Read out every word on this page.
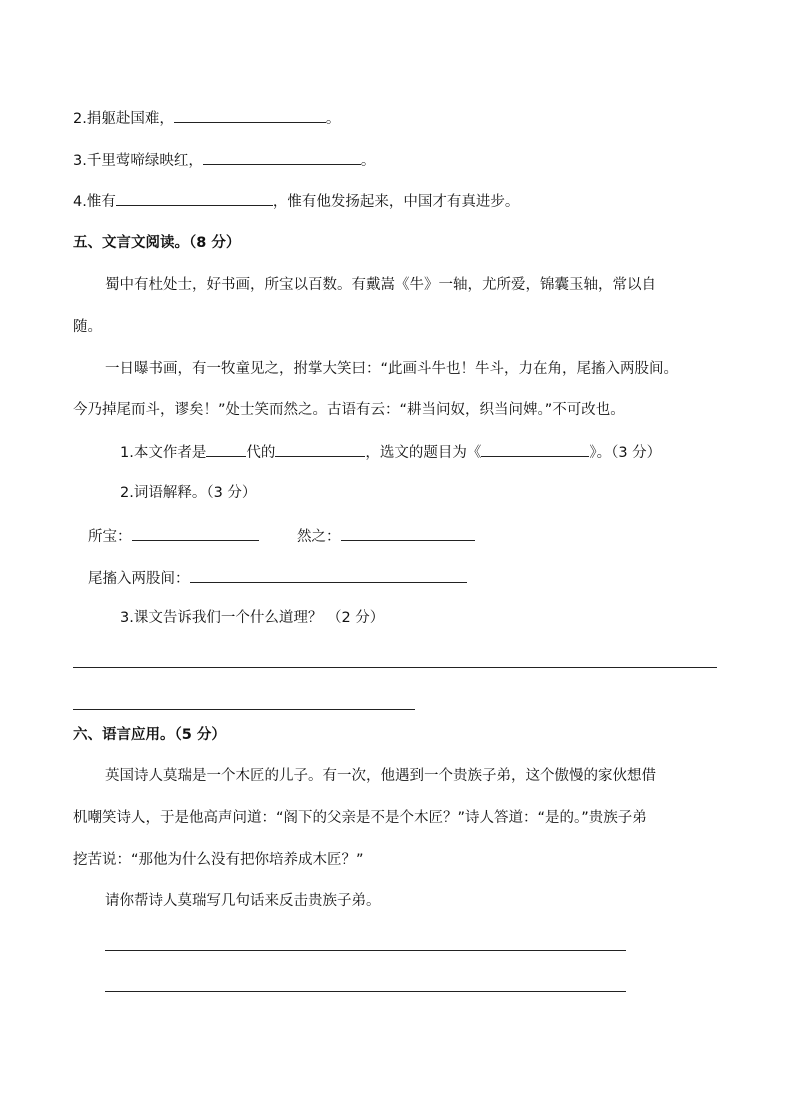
2.捐躯赴国难，	。
3.千里莺啼绿映红，	。
4.惟有	，惟有他发扬起来，中国才有真进步。
五、文言文阅读。（8 分）
蜀中有杜处士，好书画，所宝以百数。有戴嵩《牛》一轴，尤所爱，锦囊玉轴，常以自
随。
一日曝书画，有一牧童见之，拊掌大笑曰：“此画斗牛也！牛斗，力在角，尾搐入两股间。
今乃掉尾而斗，谬矣！”处士笑而然之。古语有云：“耕当问奴，织当问婢。”不可改也。
1.本文作者是	代的	，选文的题目为《	》。（3 分）
2.词语解释。（3 分）
所宝：	然之：
尾搐入两股间：
3.课文告诉我们一个什么道理？ （2 分）
六、语言应用。（5 分）
英国诗人莫瑞是一个木匠的儿子。有一次，他遇到一个贵族子弟，这个傲慢的家伙想借
机嘲笑诗人，于是他高声问道：“阁下的父亲是不是个木匠？”诗人答道：“是的。”贵族子弟
挖苦说：“那他为什么没有把你培养成木匠？”
请你帮诗人莫瑞写几句话来反击贵族子弟。
